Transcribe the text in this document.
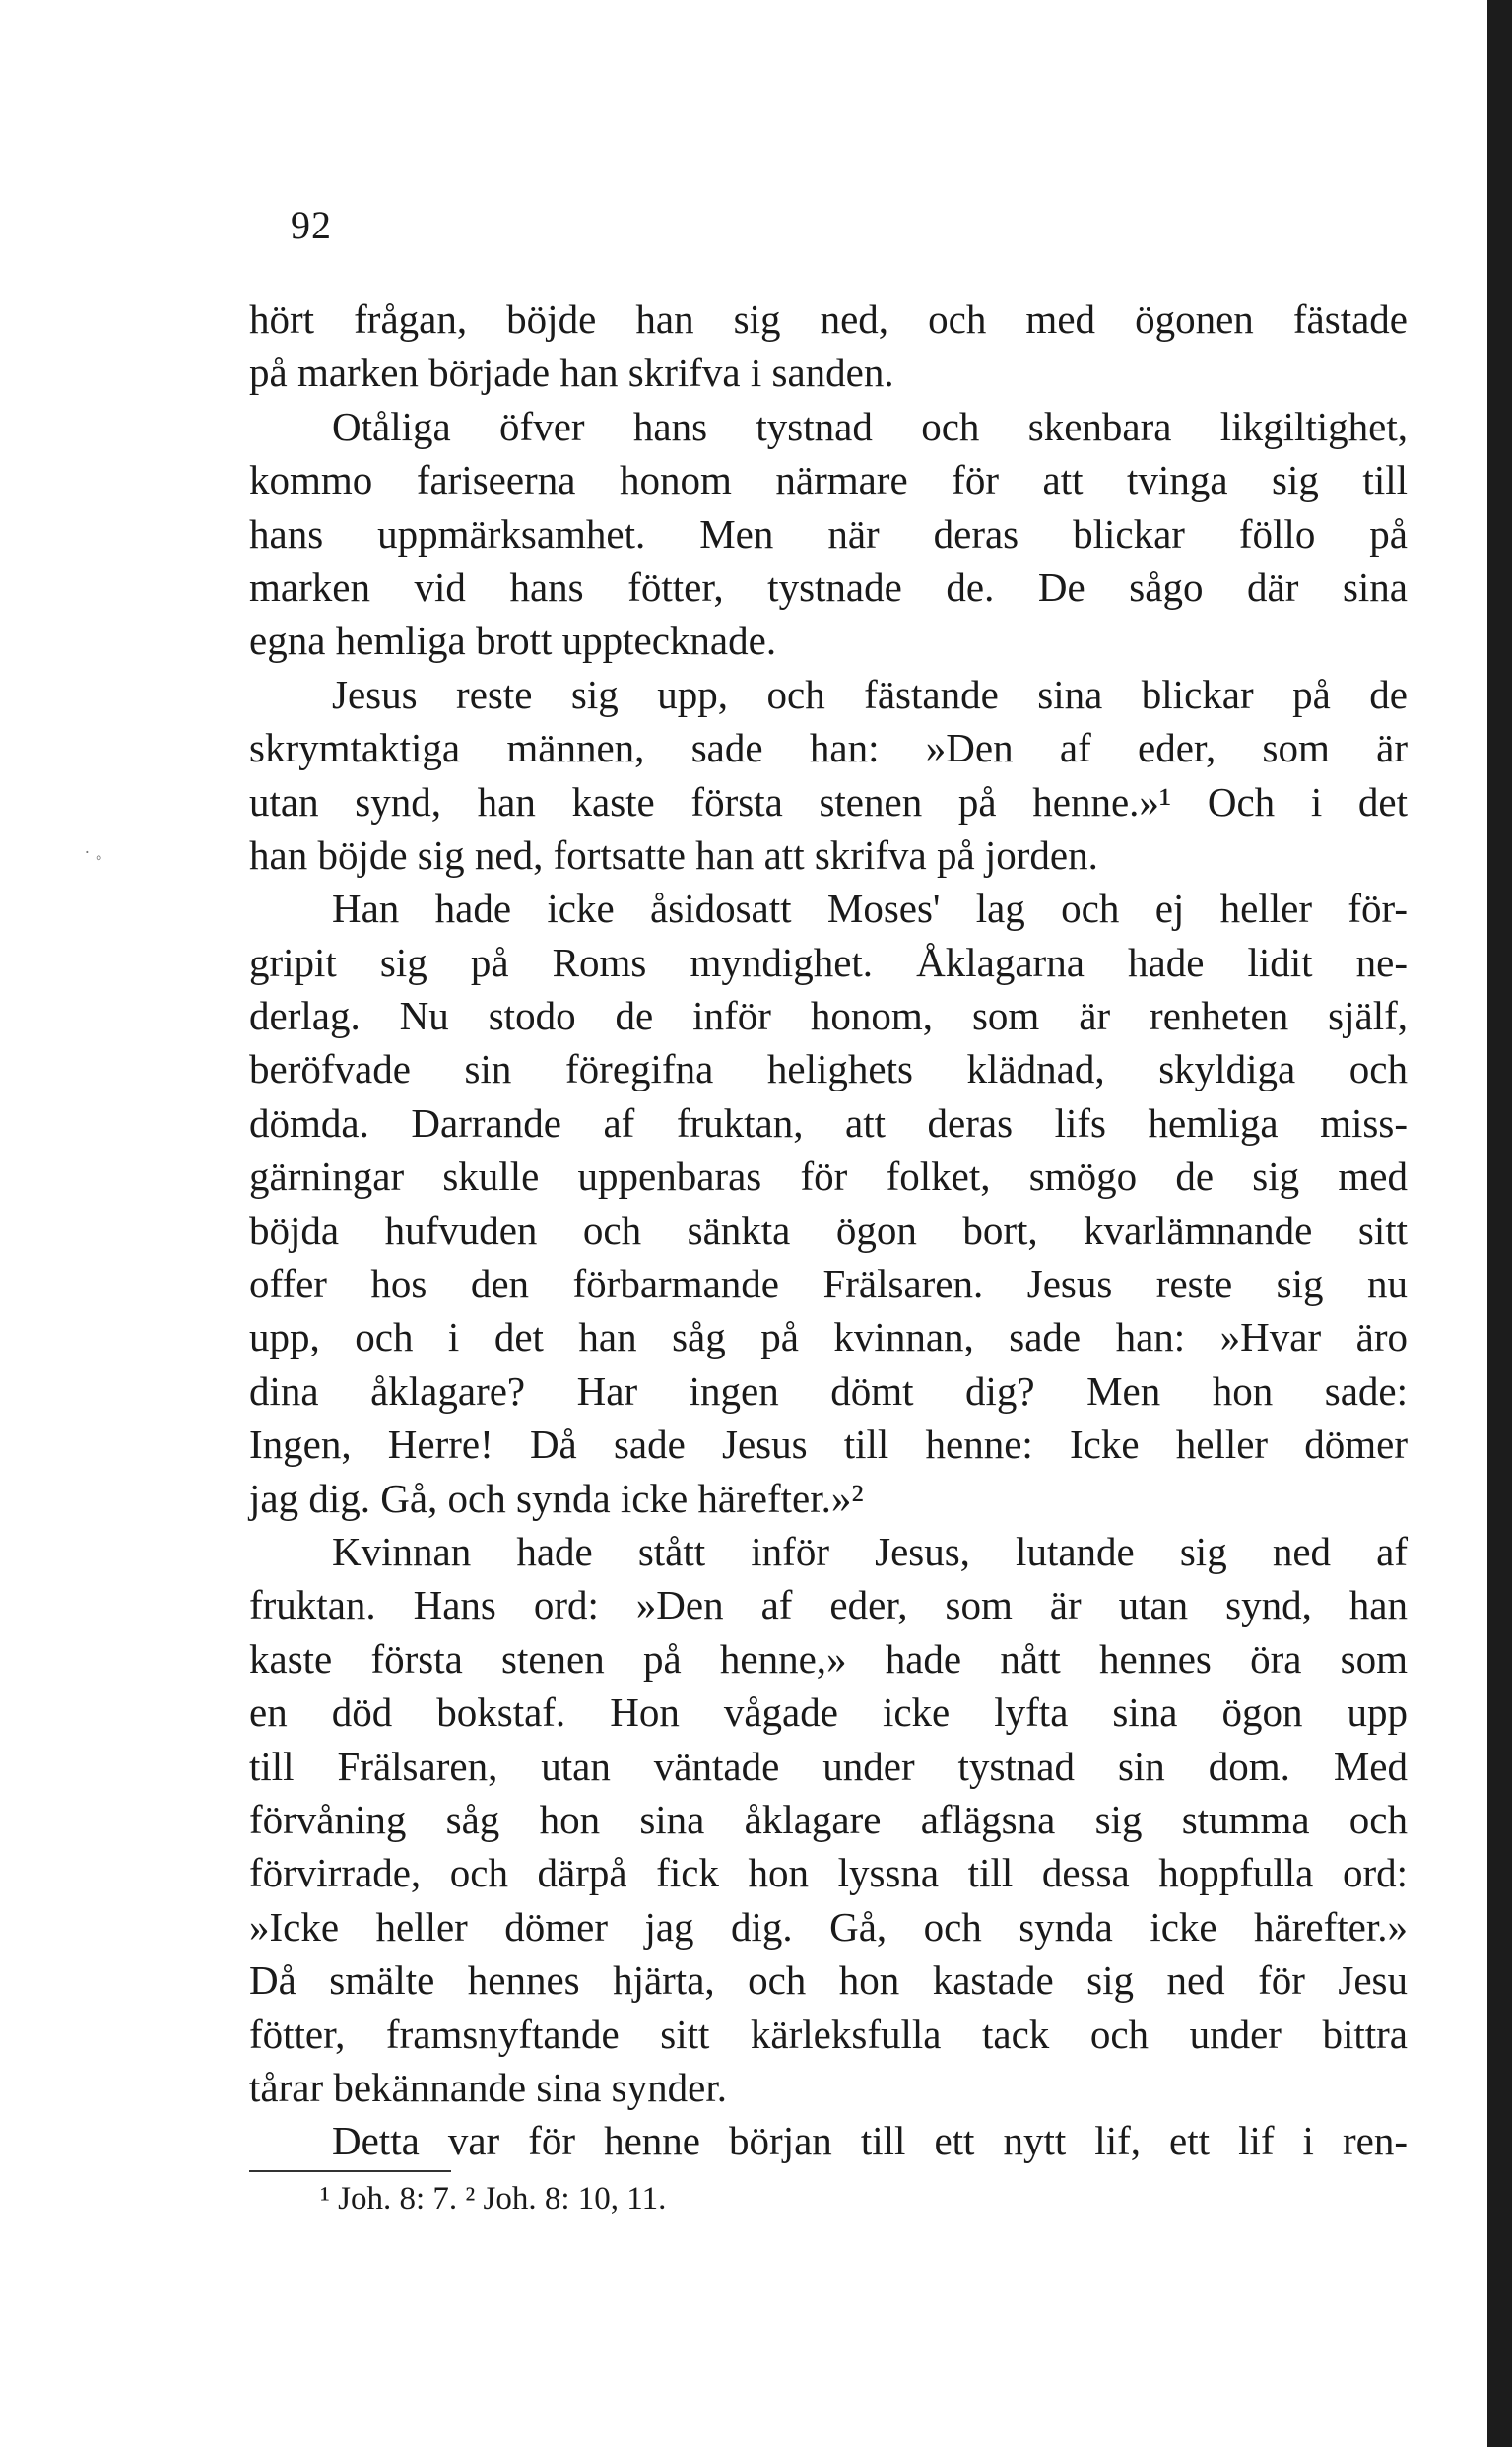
˙ ◦
92
hört frågan, böjde han sig ned, och med ögonen fästade
på marken började han skrifva i sanden.
Otåliga öfver hans tystnad och skenbara likgiltighet,
kommo fariseerna honom närmare för att tvinga sig till
hans uppmärksamhet. Men när deras blickar föllo på
marken vid hans fötter, tystnade de. De sågo där sina
egna hemliga brott upptecknade.
Jesus reste sig upp, och fästande sina blickar på de
skrymtaktiga männen, sade han: »Den af eder, som är
utan synd, han kaste första stenen på henne.»¹ Och i det
han böjde sig ned, fortsatte han att skrifva på jorden.
Han hade icke åsidosatt Moses' lag och ej heller för-
gripit sig på Roms myndighet. Åklagarna hade lidit ne-
derlag. Nu stodo de inför honom, som är renheten själf,
beröfvade sin föregifna helighets klädnad, skyldiga och
dömda. Darrande af fruktan, att deras lifs hemliga miss-
gärningar skulle uppenbaras för folket, smögo de sig med
böjda hufvuden och sänkta ögon bort, kvarlämnande sitt
offer hos den förbarmande Frälsaren. Jesus reste sig nu
upp, och i det han såg på kvinnan, sade han: »Hvar äro
dina åklagare? Har ingen dömt dig? Men hon sade:
Ingen, Herre! Då sade Jesus till henne: Icke heller dömer
jag dig. Gå, och synda icke härefter.»²
Kvinnan hade stått inför Jesus, lutande sig ned af
fruktan. Hans ord: »Den af eder, som är utan synd, han
kaste första stenen på henne,» hade nått hennes öra som
en död bokstaf. Hon vågade icke lyfta sina ögon upp
till Frälsaren, utan väntade under tystnad sin dom. Med
förvåning såg hon sina åklagare aflägsna sig stumma och
förvirrade, och därpå fick hon lyssna till dessa hoppfulla ord:
»Icke heller dömer jag dig. Gå, och synda icke härefter.»
Då smälte hennes hjärta, och hon kastade sig ned för Jesu
fötter, framsnyftande sitt kärleksfulla tack och under bittra
tårar bekännande sina synder.
Detta var för henne början till ett nytt lif, ett lif i ren-
¹ Joh. 8: 7. ² Joh. 8: 10, 11.
